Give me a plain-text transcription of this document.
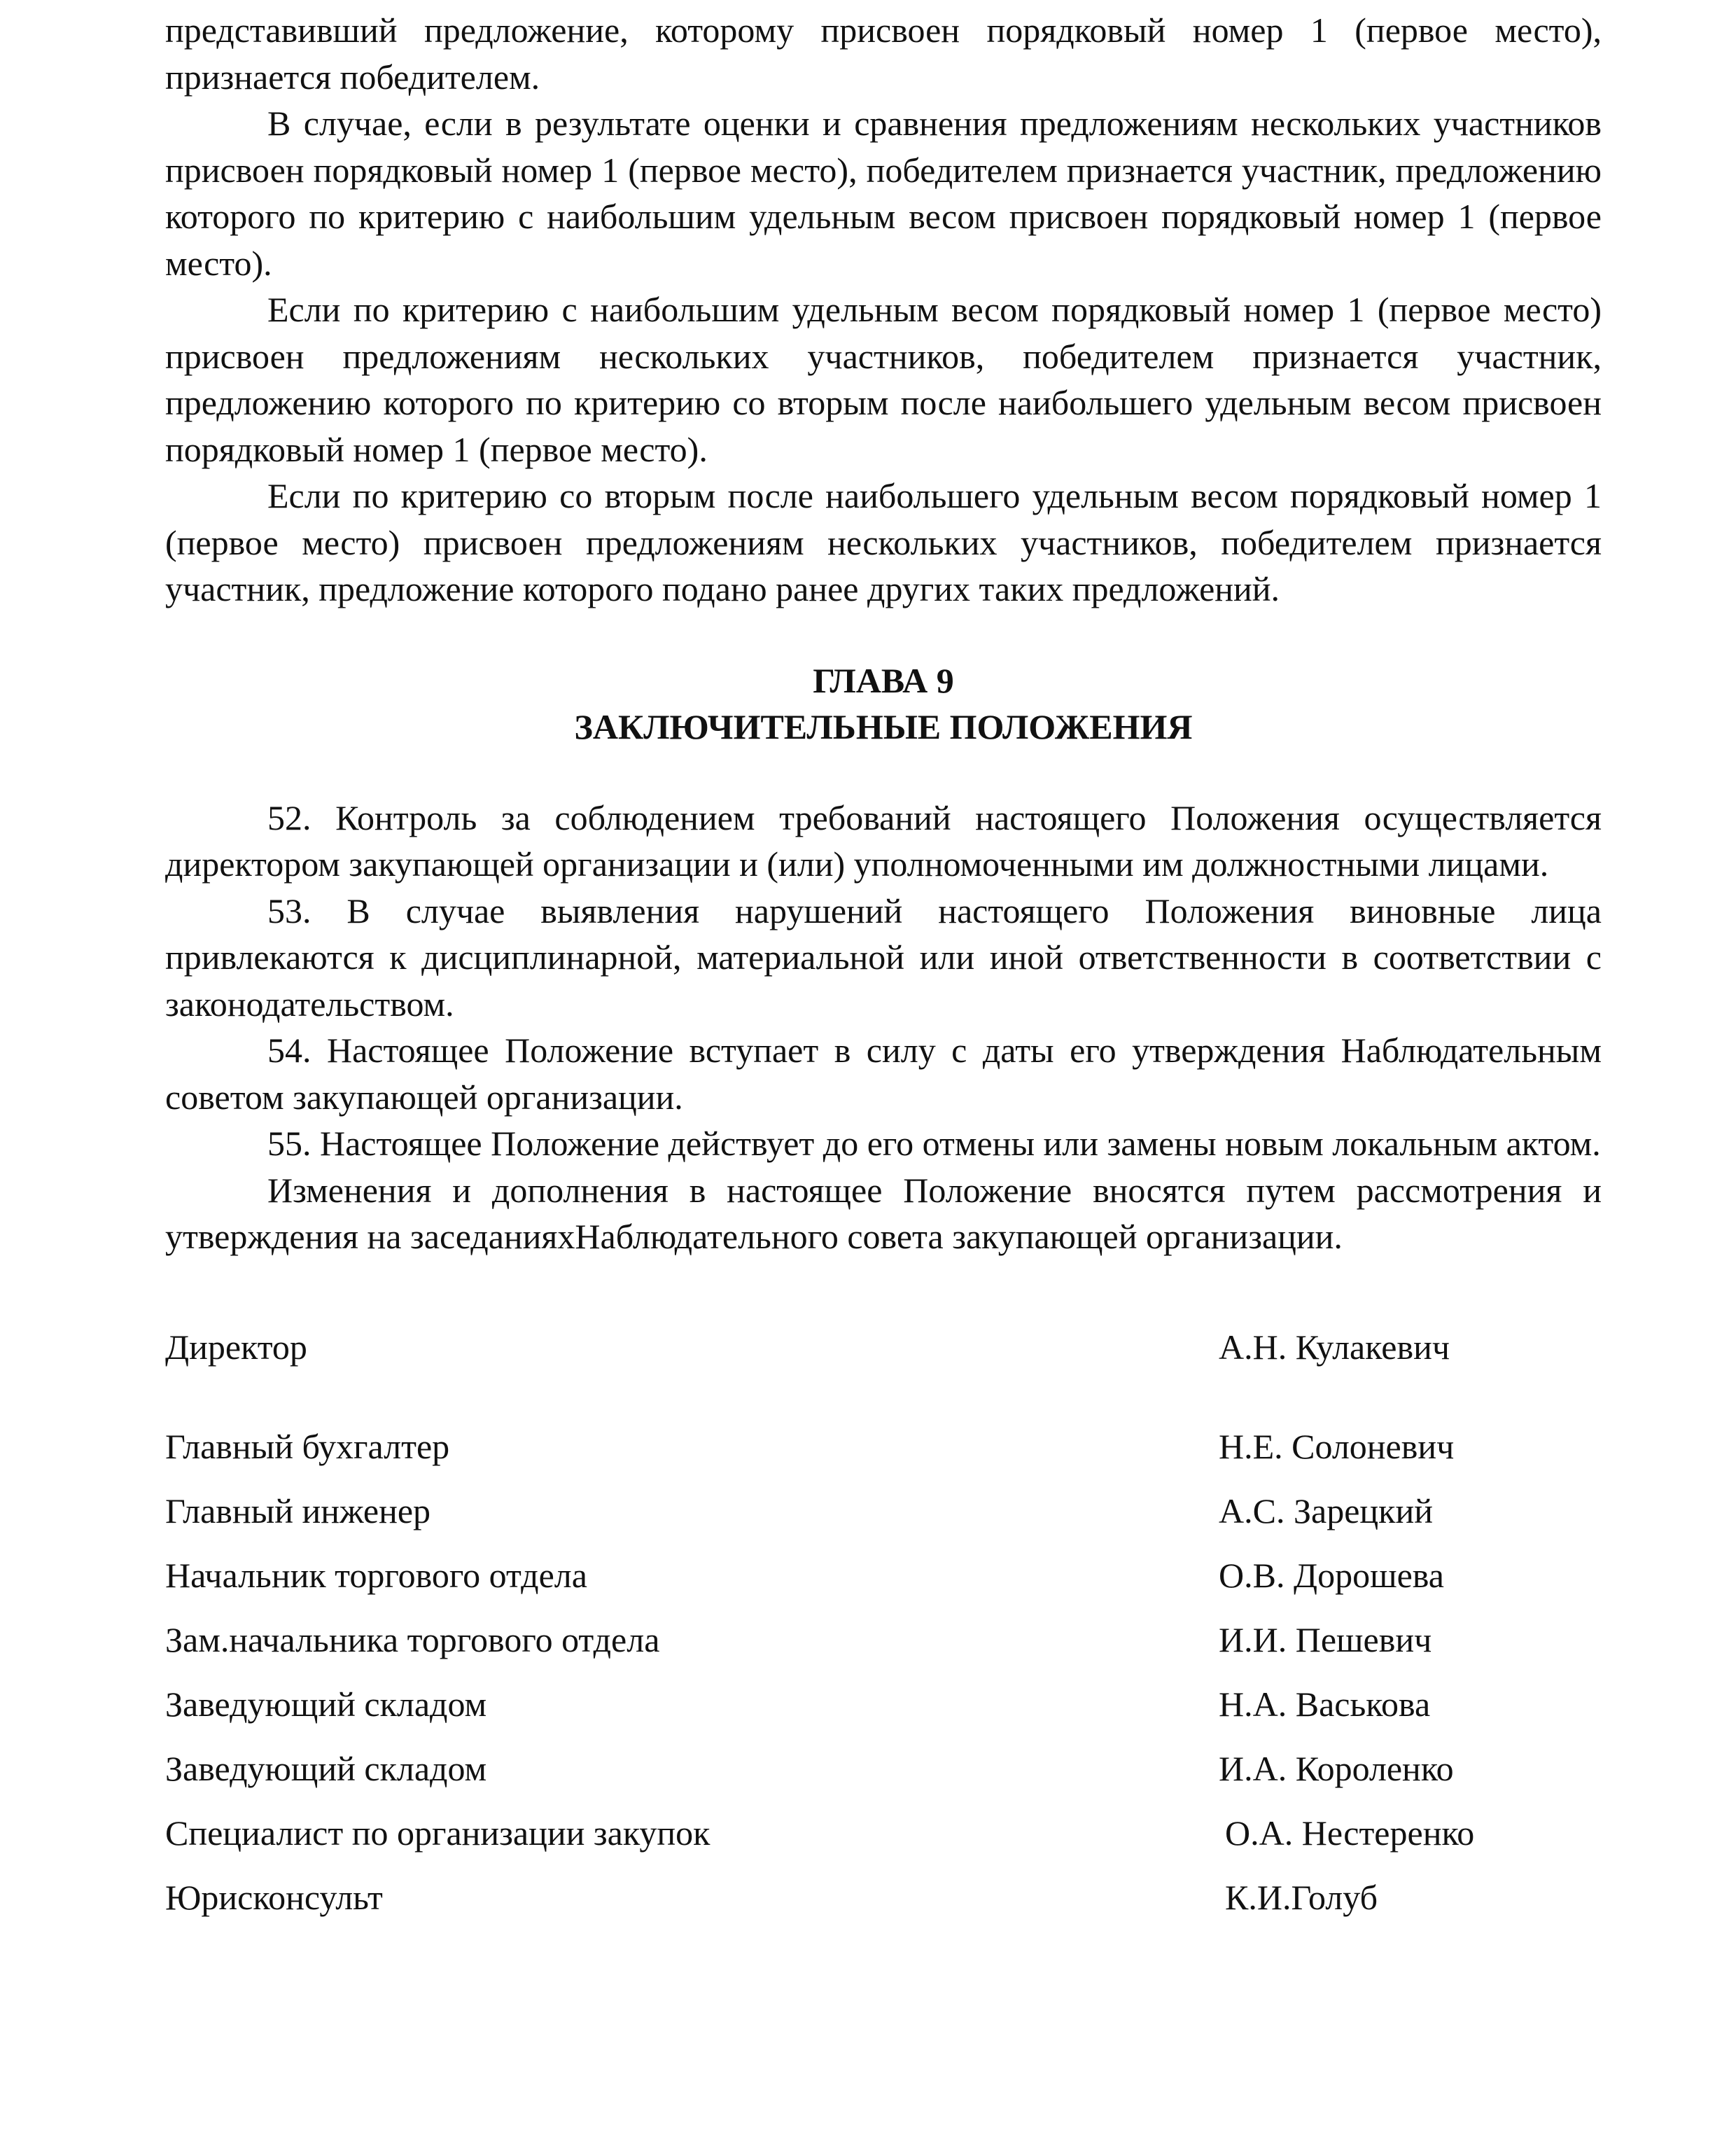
представивший предложение, которому присвоен порядковый номер 1 (первое место), признается победителем.

В случае, если в результате оценки и сравнения предложениям нескольких участников присвоен порядковый номер 1 (первое место), победителем признается участник, предложению которого по критерию с наибольшим удельным весом присвоен порядковый номер 1 (первое место).

Если по критерию с наибольшим удельным весом порядковый номер 1 (первое место) присвоен предложениям нескольких участников, победителем признается участник, предложению которого по критерию со вторым после наибольшего удельным весом присвоен порядковый номер 1 (первое место).

Если по критерию со вторым после наибольшего удельным весом порядковый номер 1 (первое место) присвоен предложениям нескольких участников, победителем признается участник, предложение которого подано ранее других таких предложений.

ГЛАВА 9
ЗАКЛЮЧИТЕЛЬНЫЕ ПОЛОЖЕНИЯ

52. Контроль за соблюдением требований настоящего Положения осуществляется директором закупающей организации и (или) уполномоченными им должностными лицами.

53. В случае выявления нарушений настоящего Положения виновные лица привлекаются к дисциплинарной, материальной или иной ответственности в соответствии с законодательством.

54. Настоящее Положение вступает в силу с даты его утверждения Наблюдательным советом закупающей организации.

55. Настоящее Положение действует до его отмены или замены новым локальным актом.

Изменения и дополнения в настоящее Положение вносятся путем рассмотрения и утверждения на заседанияхНаблюдательного совета закупающей организации.

Директор	А.Н. Кулакевич
Главный бухгалтер	Н.Е. Солоневич
Главный инженер	А.С. Зарецкий
Начальник торгового отдела	О.В. Дорошева
Зам.начальника торгового отдела	И.И. Пешевич
Заведующий складом	Н.А. Васькова
Заведующий складом	И.А. Короленко
Специалист по организации закупок	О.А. Нестеренко
Юрисконсульт	К.И.Голуб
